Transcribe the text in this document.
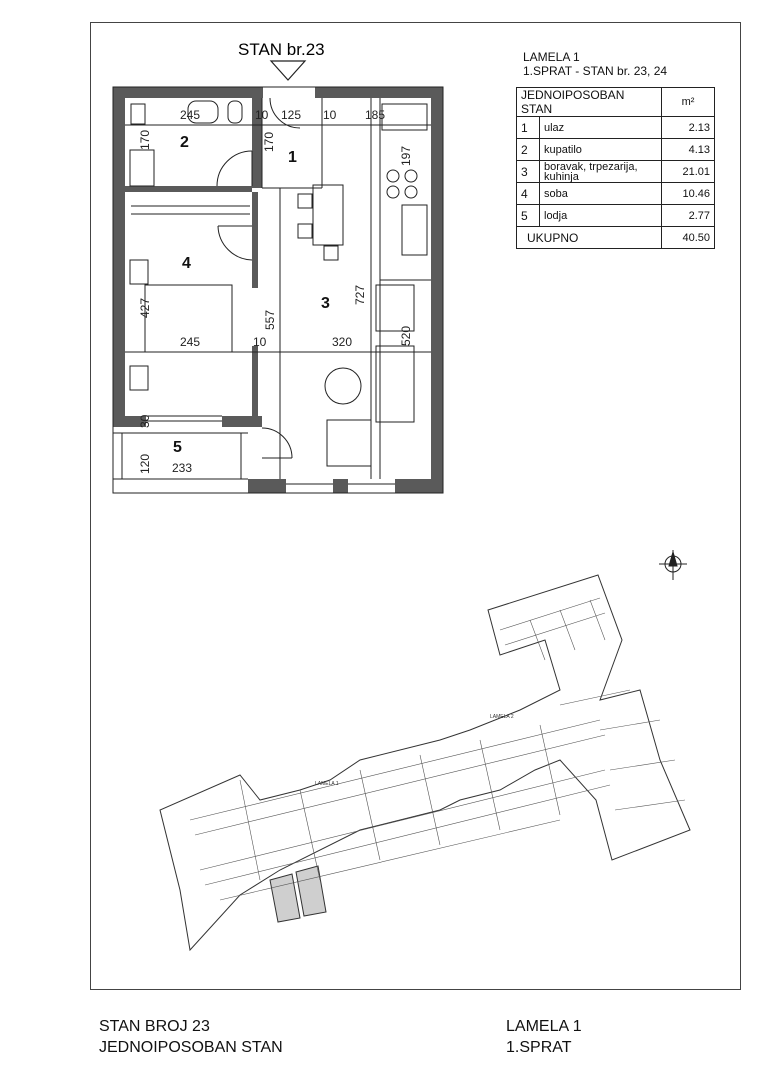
STAN br.23
245	10 125 10 185
170	170
197
427
727
557
520
245	10	320
30
120 233
2
1
4
3
5
LAMELA 1
LAMELA 2
LAMELA 1
1.SPRAT - STAN br. 23, 24
JEDNOIPOSOBAN STAN		m²
1	ulaz	2.13
2	kupatilo	4.13
3	boravak, trpezarija, kuhinja	21.01
4	soba	10.46
5	lodja	2.77
UKUPNO		40.50
STAN BROJ 23
JEDNOIPOSOBAN STAN
LAMELA 1
1.SPRAT
